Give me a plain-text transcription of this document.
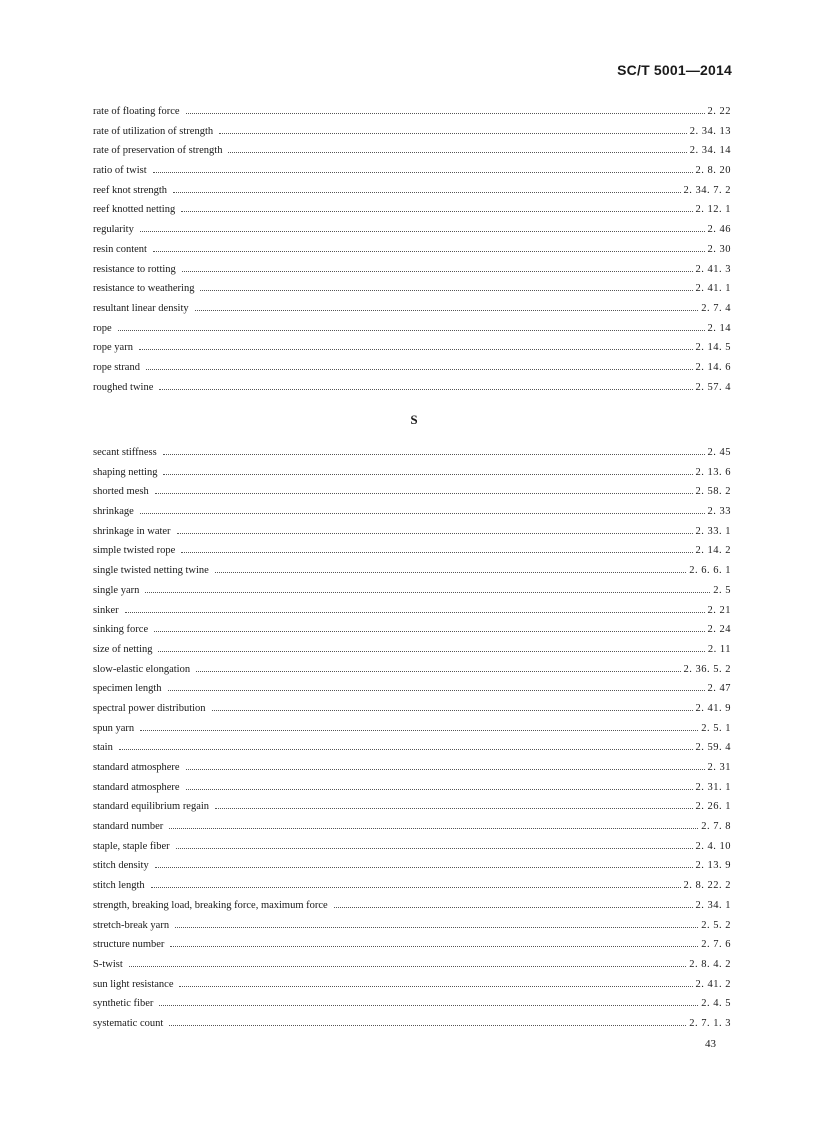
SC/T 5001—2014
rate of floating force	2. 22
rate of utilization of strength	2. 34. 13
rate of preservation of strength	2. 34. 14
ratio of twist	2. 8. 20
reef knot strength	2. 34. 7. 2
reef knotted netting	2. 12. 1
regularity	2. 46
resin content	2. 30
resistance to rotting	2. 41. 3
resistance to weathering	2. 41. 1
resultant linear density	2. 7. 4
rope	2. 14
rope yarn	2. 14. 5
rope strand	2. 14. 6
roughed twine	2. 57. 4
S
secant stiffness	2. 45
shaping netting	2. 13. 6
shorted mesh	2. 58. 2
shrinkage	2. 33
shrinkage in water	2. 33. 1
simple twisted rope	2. 14. 2
single twisted netting twine	2. 6. 6. 1
single yarn	2. 5
sinker	2. 21
sinking force	2. 24
size of netting	2. 11
slow-elastic elongation	2. 36. 5. 2
specimen length	2. 47
spectral power distribution	2. 41. 9
spun yarn	2. 5. 1
stain	2. 59. 4
standard atmosphere	2. 31
standard atmosphere	2. 31. 1
standard equilibrium regain	2. 26. 1
standard number	2. 7. 8
staple, staple fiber	2. 4. 10
stitch density	2. 13. 9
stitch length	2. 8. 22. 2
strength, breaking load, breaking force, maximum force	2. 34. 1
stretch-break yarn	2. 5. 2
structure number	2. 7. 6
S-twist	2. 8. 4. 2
sun light resistance	2. 41. 2
synthetic fiber	2. 4. 5
systematic count	2. 7. 1. 3
43
